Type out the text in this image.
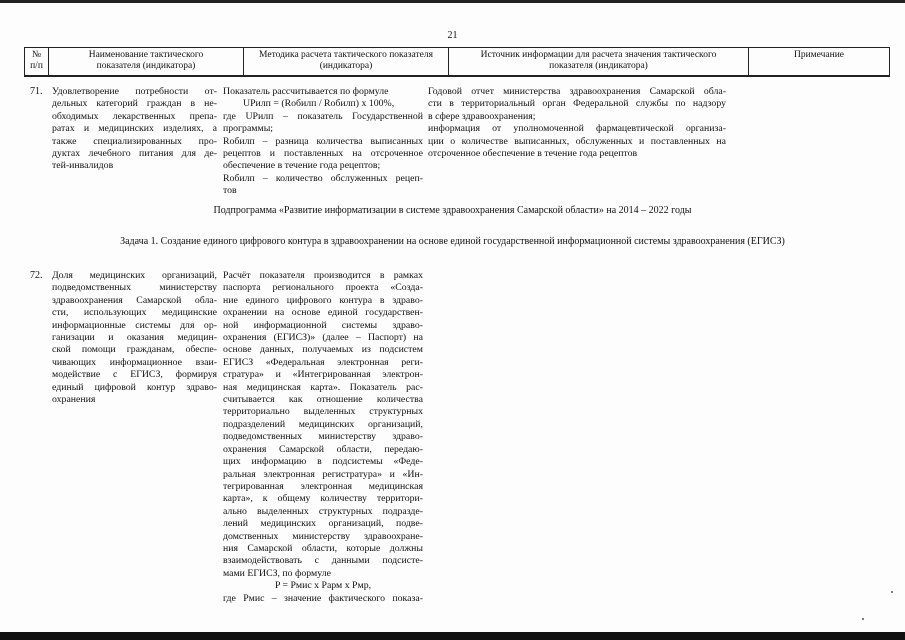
21
№
п/п
Наименование тактического
показателя (индикатора)
Методика расчета тактического показателя
(индикатора)
Источник информации для расчета значения тактического
показателя (индикатора)
Примечание
71. Удовлетворение потребности от-
дельных категорий граждан в не-
обходимых лекарственных препа-
ратах и медицинских изделиях, а
также специализированных про-
дуктах лечебного питания для де-
тей-инвалидов
Показатель рассчитывается по формуле
UPилп = (Rобилп / Rобилп) x 100%,
где UPилп – показатель Государственной
программы;
Rобилп – разница количества выписанных
рецептов и поставленных на отсроченное
обеспечение в течение года рецептов;
Rобилп – количество обслуженных рецеп-
тов
Годовой отчет министерства здравоохранения Самарской обла-
сти в территориальный орган Федеральной службы по надзору
в сфере здравоохранения;
информация от уполномоченной фармацевтической организа-
ции о количестве выписанных, обслуженных и поставленных на
отсроченное обеспечение в течение года рецептов
Подпрограмма «Развитие информатизации в системе здравоохранения Самарской области» на 2014 – 2022 годы
Задача 1. Создание единого цифрового контура в здравоохранении на основе единой государственной информационной системы здравоохранения (ЕГИСЗ)
72. Доля медицинских организаций,
подведомственных министерству
здравоохранения Самарской обла-
сти, использующих медицинские
информационные системы для ор-
ганизации и оказания медицин-
ской помощи гражданам, обеспе-
чивающих информационное взаи-
модействие с ЕГИСЗ, формируя
единый цифровой контур здраво-
охранения
Расчёт показателя производится в рамках
паспорта регионального проекта «Созда-
ние единого цифрового контура в здраво-
охранении на основе единой государствен-
ной информационной системы здраво-
охранения (ЕГИСЗ)» (далее – Паспорт) на
основе данных, получаемых из подсистем
ЕГИСЗ «Федеральная электронная реги-
стратура» и «Интегрированная электрон-
ная медицинская карта». Показатель рас-
считывается как отношение количества
территориально выделенных структурных
подразделений медицинских организаций,
подведомственных министерству здраво-
охранения Самарской области, передаю-
щих информацию в подсистемы «Феде-
ральная электронная регистратура» и «Ин-
тегрированная электронная медицинская
карта», к общему количеству территори-
ально выделенных структурных подразде-
лений медицинских организаций, подве-
домственных министерству здравоохране-
ния Самарской области, которые должны
взаимодействовать с данными подсисте-
мами ЕГИСЗ, по формуле
P = Pмис x Pарм x Pмр,
где Pмис – значение фактического показа-
